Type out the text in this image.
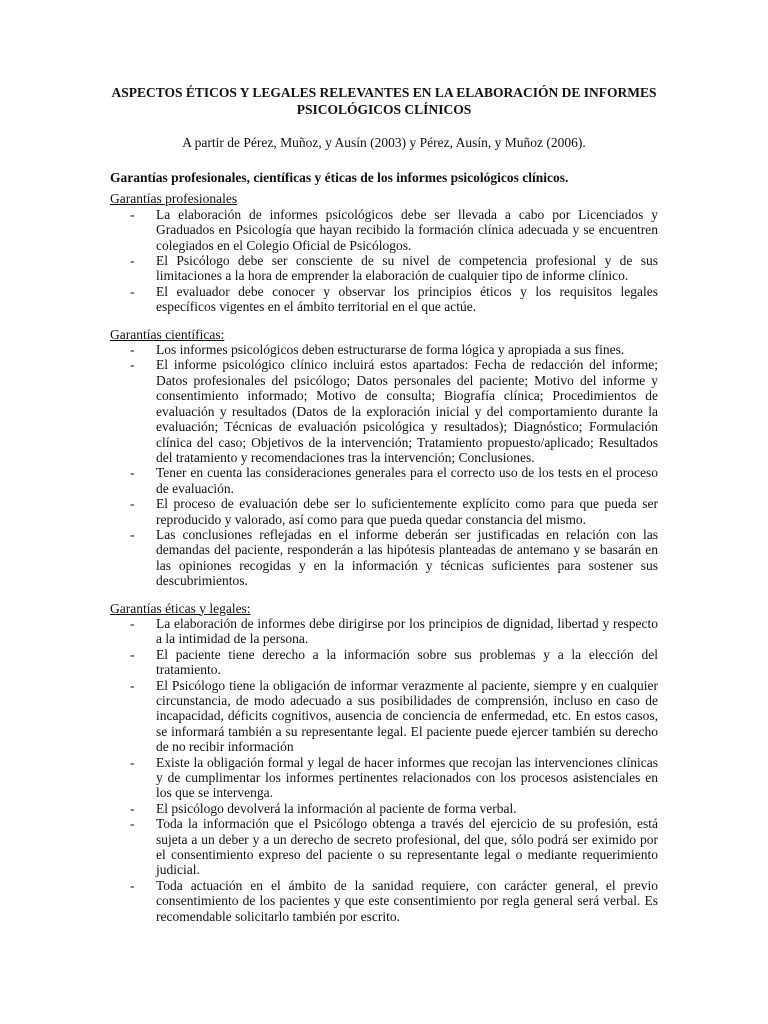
ASPECTOS ÉTICOS Y LEGALES RELEVANTES EN LA ELABORACIÓN DE INFORMES PSICOLÓGICOS CLÍNICOS
A partir de Pérez, Muñoz, y Ausín (2003) y Pérez, Ausín, y Muñoz (2006).
Garantías profesionales, científicas y éticas de los informes psicológicos clínicos.
Garantías profesionales
- La elaboración de informes psicológicos debe ser llevada a cabo por Licenciados y Graduados en Psicología que hayan recibido la formación clínica adecuada y se encuentren colegiados en el Colegio Oficial de Psicólogos.
- El Psicólogo debe ser consciente de su nivel de competencia profesional y de sus limitaciones a la hora de emprender la elaboración de cualquier tipo de informe clínico.
- El evaluador debe conocer y observar los principios éticos y los requisitos legales específicos vigentes en el ámbito territorial en el que actúe.
Garantías científicas:
- Los informes psicológicos deben estructurarse de forma lógica y apropiada a sus fines.
- El informe psicológico clínico incluirá estos apartados: Fecha de redacción del informe; Datos profesionales del psicólogo; Datos personales del paciente; Motivo del informe y consentimiento informado; Motivo de consulta; Biografía clínica; Procedimientos de evaluación y resultados (Datos de la exploración inicial y del comportamiento durante la evaluación; Técnicas de evaluación psicológica y resultados); Diagnóstico; Formulación clínica del caso; Objetivos de la intervención; Tratamiento propuesto/aplicado; Resultados del tratamiento y recomendaciones tras la intervención; Conclusiones.
- Tener en cuenta las consideraciones generales para el correcto uso de los tests en el proceso de evaluación.
- El proceso de evaluación debe ser lo suficientemente explícito como para que pueda ser reproducido y valorado, así como para que pueda quedar constancia del mismo.
- Las conclusiones reflejadas en el informe deberán ser justificadas en relación con las demandas del paciente, responderán a las hipótesis planteadas de antemano y se basarán en las opiniones recogidas y en la información y técnicas suficientes para sostener sus descubrimientos.
Garantías éticas y legales:
- La elaboración de informes debe dirigirse por los principios de dignidad, libertad y respecto a la intimidad de la persona.
- El paciente tiene derecho a la información sobre sus problemas y a la elección del tratamiento.
- El Psicólogo tiene la obligación de informar verazmente al paciente, siempre y en cualquier circunstancia, de modo adecuado a sus posibilidades de comprensión, incluso en caso de incapacidad, déficits cognitivos, ausencia de conciencia de enfermedad, etc. En estos casos, se informará también a su representante legal. El paciente puede ejercer también su derecho de no recibir información
- Existe la obligación formal y legal de hacer informes que recojan las intervenciones clínicas y de cumplimentar los informes pertinentes relacionados con los procesos asistenciales en los que se intervenga.
- El psicólogo devolverá la información al paciente de forma verbal.
- Toda la información que el Psicólogo obtenga a través del ejercicio de su profesión, está sujeta a un deber y a un derecho de secreto profesional, del que, sólo podrá ser eximido por el consentimiento expreso del paciente o su representante legal o mediante requerimiento judicial.
- Toda actuación en el ámbito de la sanidad requiere, con carácter general, el previo consentimiento de los pacientes y que este consentimiento por regla general será verbal. Es recomendable solicitarlo también por escrito.
